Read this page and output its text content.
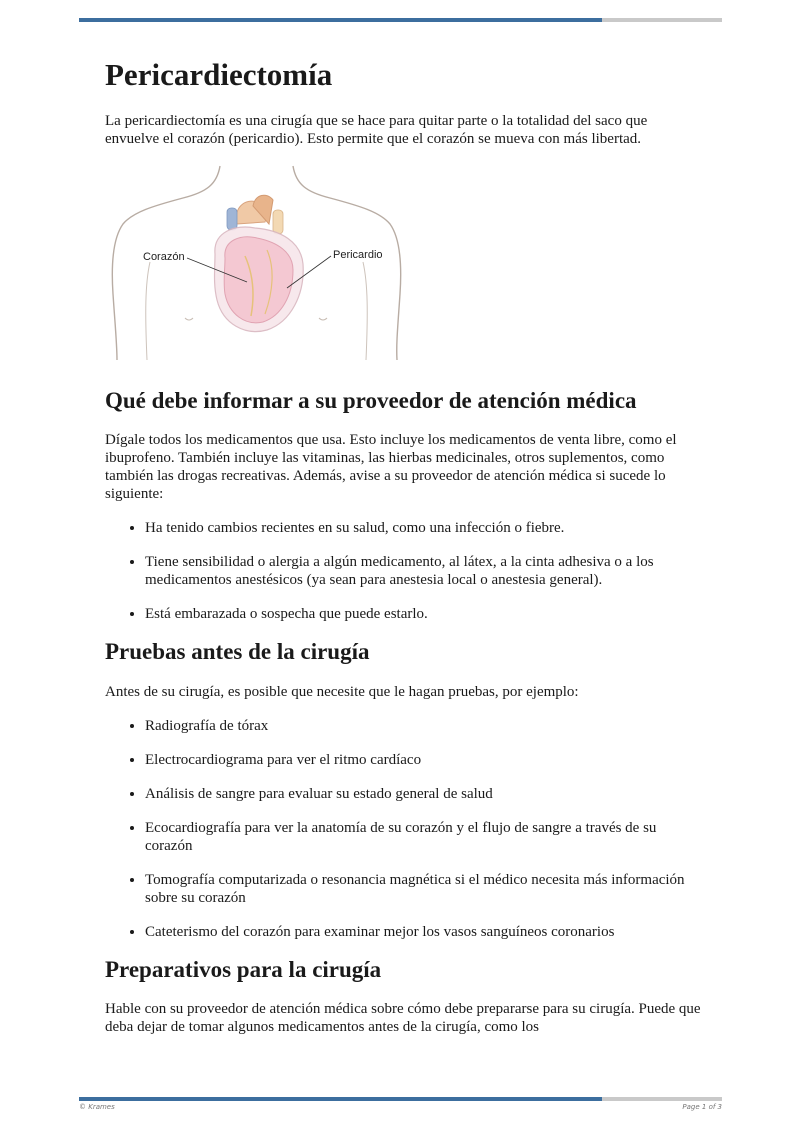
Pericardiectomía

La pericardiectomía es una cirugía que se hace para quitar parte o la totalidad del saco que envuelve el corazón (pericardio). Esto permite que el corazón se mueva con más libertad.

Corazón	Pericardio
Qué debe informar a su proveedor de atención médica

Dígale todos los medicamentos que usa. Esto incluye los medicamentos de venta libre, como el ibuprofeno. También incluye las vitaminas, las hierbas medicinales, otros suplementos, como también las drogas recreativas. Además, avise a su proveedor de atención médica si sucede lo siguiente:

• Ha tenido cambios recientes en su salud, como una infección o fiebre.
• Tiene sensibilidad o alergia a algún medicamento, al látex, a la cinta adhesiva o a los medicamentos anestésicos (ya sean para anestesia local o anestesia general).
• Está embarazada o sospecha que puede estarlo.
Pruebas antes de la cirugía

Antes de su cirugía, es posible que necesite que le hagan pruebas, por ejemplo:

• Radiografía de tórax
• Electrocardiograma para ver el ritmo cardíaco
• Análisis de sangre para evaluar su estado general de salud
• Ecocardiografía para ver la anatomía de su corazón y el flujo de sangre a través de su corazón
• Tomografía computarizada o resonancia magnética si el médico necesita más información sobre su corazón
• Cateterismo del corazón para examinar mejor los vasos sanguíneos coronarios
Preparativos para la cirugía

Hable con su proveedor de atención médica sobre cómo debe prepararse para su cirugía. Puede que deba dejar de tomar algunos medicamentos antes de la cirugía, como los

© Krames	Page 1 of 3
